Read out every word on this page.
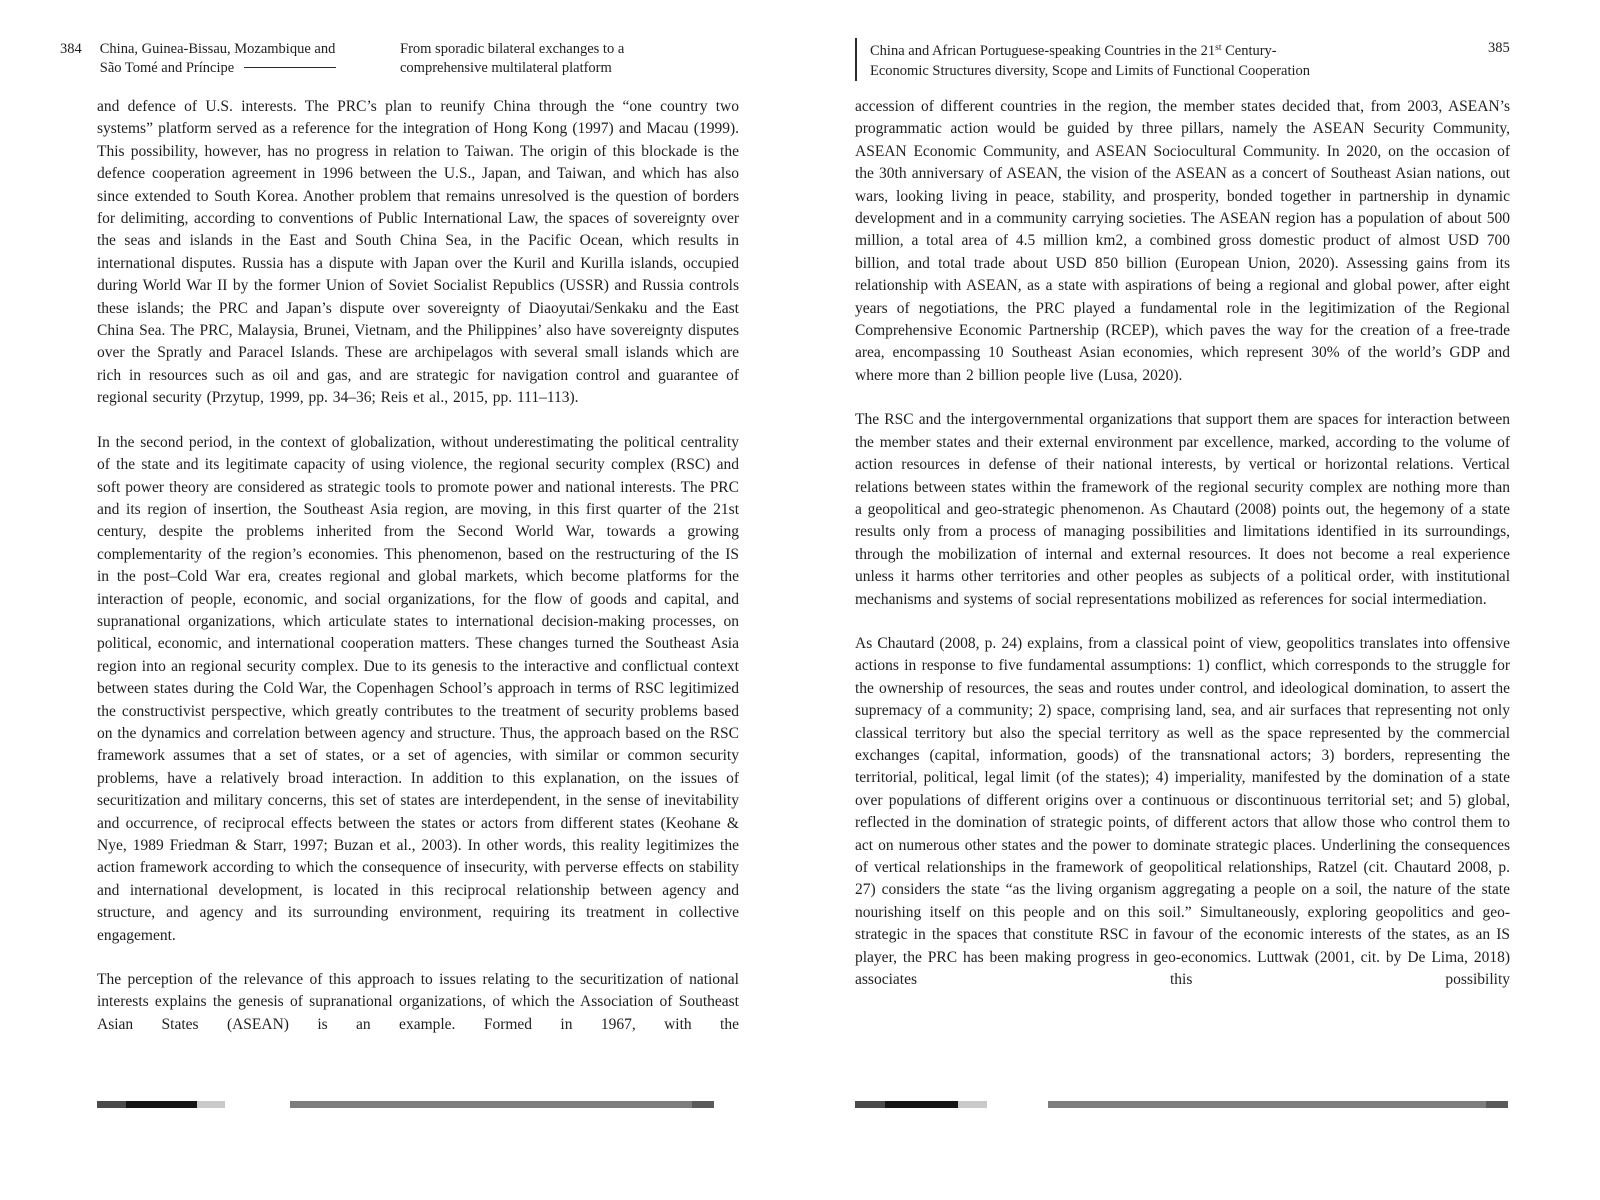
384 China, Guinea-Bissau, Mozambique and
São Tomé and Príncipe
From sporadic bilateral exchanges to a
comprehensive multilateral platform

and defence of U.S. interests. The PRC’s plan to reunify China through the “one country two systems” platform served as a reference for the integration of Hong Kong (1997) and Macau (1999). This possibility, however, has no progress in relation to Taiwan. The origin of this blockade is the defence cooperation agreement in 1996 between the U.S., Japan, and Taiwan, and which has also since extended to South Korea. Another problem that remains unresolved is the question of borders for delimiting, according to conventions of Public International Law, the spaces of sovereignty over the seas and islands in the East and South China Sea, in the Pacific Ocean, which results in international disputes. Russia has a dispute with Japan over the Kuril and Kurilla islands, occupied during World War II by the former Union of Soviet Socialist Republics (USSR) and Russia controls these islands; the PRC and Japan’s dispute over sovereignty of Diaoyutai/Senkaku and the East China Sea. The PRC, Malaysia, Brunei, Vietnam, and the Philippines’ also have sovereignty disputes over the Spratly and Paracel Islands. These are archipelagos with several small islands which are rich in resources such as oil and gas, and are strategic for navigation control and guarantee of regional security (Przytup, 1999, pp. 34–36; Reis et al., 2015, pp. 111–113).

In the second period, in the context of globalization, without underestimating the political centrality of the state and its legitimate capacity of using violence, the regional security complex (RSC) and soft power theory are considered as strategic tools to promote power and national interests. The PRC and its region of insertion, the Southeast Asia region, are moving, in this first quarter of the 21st century, despite the problems inherited from the Second World War, towards a growing complementarity of the region’s economies. This phenomenon, based on the restructuring of the IS in the post–Cold War era, creates regional and global markets, which become platforms for the interaction of people, economic, and social organizations, for the flow of goods and capital, and supranational organizations, which articulate states to international decision-making processes, on political, economic, and international cooperation matters. These changes turned the Southeast Asia region into an regional security complex. Due to its genesis to the interactive and conflictual context between states during the Cold War, the Copenhagen School’s approach in terms of RSC legitimized the constructivist perspective, which greatly contributes to the treatment of security problems based on the dynamics and correlation between agency and structure. Thus, the approach based on the RSC framework assumes that a set of states, or a set of agencies, with similar or common security problems, have a relatively broad interaction. In addition to this explanation, on the issues of securitization and military concerns, this set of states are interdependent, in the sense of inevitability and occurrence, of reciprocal effects between the states or actors from different states (Keohane & Nye, 1989 Friedman & Starr, 1997; Buzan et al., 2003). In other words, this reality legitimizes the action framework according to which the consequence of insecurity, with perverse effects on stability and international development, is located in this reciprocal relationship between agency and structure, and agency and its surrounding environment, requiring its treatment in collective engagement.

The perception of the relevance of this approach to issues relating to the securitization of national interests explains the genesis of supranational organizations, of which the Association of Southeast Asian States (ASEAN) is an example. Formed in 1967, with the

China and African Portuguese-speaking Countries in the 21st Century-
Economic Structures diversity, Scope and Limits of Functional Cooperation
385

accession of different countries in the region, the member states decided that, from 2003, ASEAN’s programmatic action would be guided by three pillars, namely the ASEAN Security Community, ASEAN Economic Community, and ASEAN Sociocultural Community. In 2020, on the occasion of the 30th anniversary of ASEAN, the vision of the ASEAN as a concert of Southeast Asian nations, out wars, looking living in peace, stability, and prosperity, bonded together in partnership in dynamic development and in a community carrying societies. The ASEAN region has a population of about 500 million, a total area of 4.5 million km2, a combined gross domestic product of almost USD 700 billion, and total trade about USD 850 billion (European Union, 2020). Assessing gains from its relationship with ASEAN, as a state with aspirations of being a regional and global power, after eight years of negotiations, the PRC played a fundamental role in the legitimization of the Regional Comprehensive Economic Partnership (RCEP), which paves the way for the creation of a free-trade area, encompassing 10 Southeast Asian economies, which represent 30% of the world’s GDP and where more than 2 billion people live (Lusa, 2020).

The RSC and the intergovernmental organizations that support them are spaces for interaction between the member states and their external environment par excellence, marked, according to the volume of action resources in defense of their national interests, by vertical or horizontal relations. Vertical relations between states within the framework of the regional security complex are nothing more than a geopolitical and geo-strategic phenomenon. As Chautard (2008) points out, the hegemony of a state results only from a process of managing possibilities and limitations identified in its surroundings, through the mobilization of internal and external resources. It does not become a real experience unless it harms other territories and other peoples as subjects of a political order, with institutional mechanisms and systems of social representations mobilized as references for social intermediation.

As Chautard (2008, p. 24) explains, from a classical point of view, geopolitics translates into offensive actions in response to five fundamental assumptions: 1) conflict, which corresponds to the struggle for the ownership of resources, the seas and routes under control, and ideological domination, to assert the supremacy of a community; 2) space, comprising land, sea, and air surfaces that representing not only classical territory but also the special territory as well as the space represented by the commercial exchanges (capital, information, goods) of the transnational actors; 3) borders, representing the territorial, political, legal limit (of the states); 4) imperiality, manifested by the domination of a state over populations of different origins over a continuous or discontinuous territorial set; and 5) global, reflected in the domination of strategic points, of different actors that allow those who control them to act on numerous other states and the power to dominate strategic places. Underlining the consequences of vertical relationships in the framework of geopolitical relationships, Ratzel (cit. Chautard 2008, p. 27) considers the state “as the living organism aggregating a people on a soil, the nature of the state nourishing itself on this people and on this soil.” Simultaneously, exploring geopolitics and geo-strategic in the spaces that constitute RSC in favour of the economic interests of the states, as an IS player, the PRC has been making progress in geo-economics. Luttwak (2001, cit. by De Lima, 2018) associates this possibility
